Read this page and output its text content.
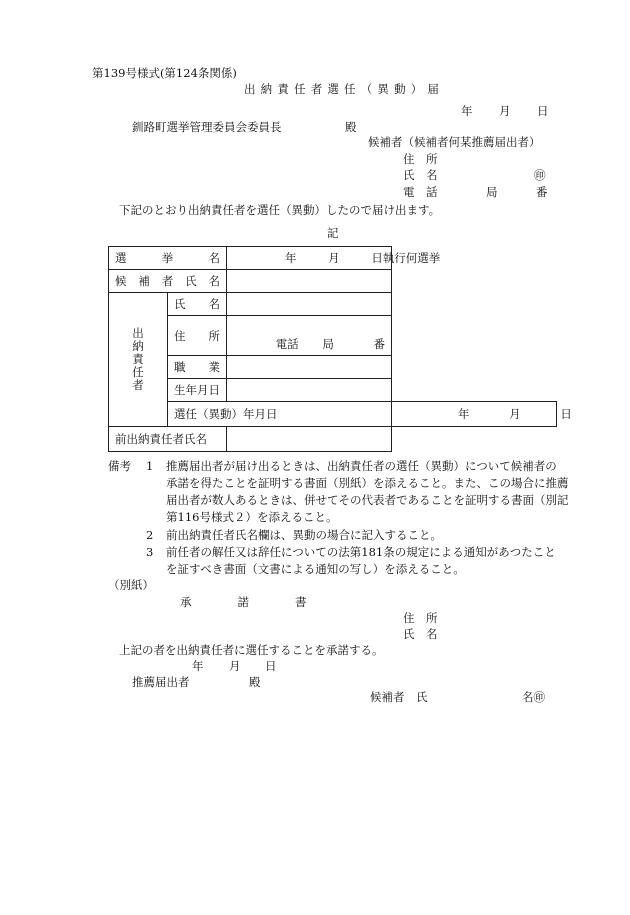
第139号様式(第124条関係)
出納責任者選任（異動）届
年 月 日
釧路町選挙管理委員会委員長	殿
候補者（候補者何某推薦届出者）
住　所
氏　名	㊞
電　話	局	番
下記のとおり出納責任者を選任（異動）したので届け出ます。
記
選 挙 名		年 月 日執行何選挙	

候 補 者 氏 名			

出納責任者	氏 名		

	住 所	電話 局 番	

	職 業		

	生 年 月 日		

	選任（異動）年月日		年 月 日
前出納責任者氏名			
備考 1 推薦届出者が届け出るときは、出納責任者の選任（異動）について候補者の
承諾を得たことを証明する書面（別紙）を添えること。また、この場合に推薦
届出者が数人あるときは、併せてその代表者であることを証明する書面（別記
第116号様式２）を添えること。
2 前出納責任者氏名欄は、異動の場合に記入すること。
3 前任者の解任又は辞任についての法第181条の規定による通知があつたこと
を証すべき書面（文書による通知の写し）を添えること。
（別紙）
承　諾　書
住　所
氏　名
上記の者を出納責任者に選任することを承諾する。
年 月 日
推薦届出者	殿
候補者　氏	名㊞
